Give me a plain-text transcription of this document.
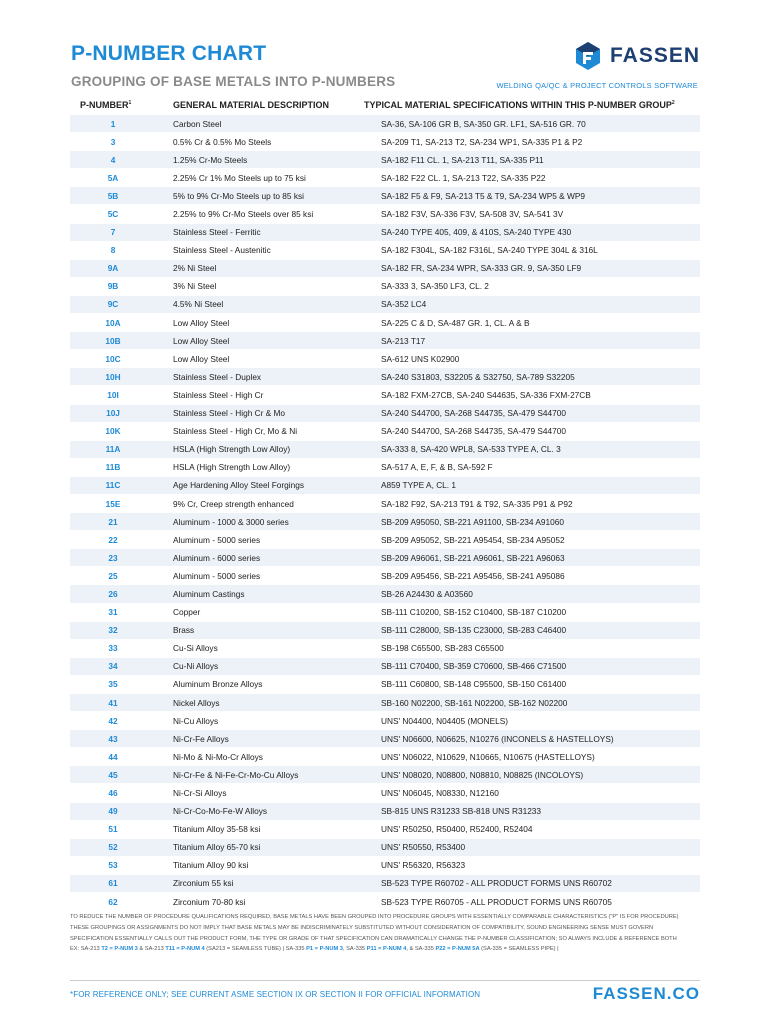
P-NUMBER CHART
GROUPING OF BASE METALS INTO P-NUMBERS
FASSEN
WELDING QA/QC & PROJECT CONTROLS SOFTWARE
P-NUMBER$^1$	GENERAL MATERIAL DESCRIPTION	TYPICAL MATERIAL SPECIFICATIONS WITHIN THIS P-NUMBER GROUP$^2$
1	Carbon Steel	SA-36, SA-106 GR B, SA-350 GR. LF1, SA-516 GR. 70
3	0.5% Cr & 0.5% Mo Steels	SA-209 T1, SA-213 T2, SA-234 WP1, SA-335 P1 & P2
4	1.25% Cr-Mo Steels	SA-182 F11 CL. 1, SA-213 T11, SA-335 P11
5A	2.25% Cr 1% Mo Steels up to 75 ksi	SA-182 F22 CL. 1, SA-213 T22, SA-335 P22
5B	5% to 9% Cr-Mo Steels up to 85 ksi	SA-182 F5 & F9, SA-213 T5 & T9, SA-234 WP5 & WP9
5C	2.25% to 9% Cr-Mo Steels over 85 ksi	SA-182 F3V, SA-336 F3V, SA-508 3V, SA-541 3V
7	Stainless Steel - Ferritic	SA-240 TYPE 405, 409, & 410S, SA-240 TYPE 430
8	Stainless Steel - Austenitic	SA-182 F304L, SA-182 F316L, SA-240 TYPE 304L & 316L
9A	2% Ni Steel	SA-182 FR, SA-234 WPR, SA-333 GR. 9, SA-350 LF9
9B	3% Ni Steel	SA-333 3, SA-350 LF3, CL. 2
9C	4.5% Ni Steel	SA-352 LC4
10A	Low Alloy Steel	SA-225 C & D, SA-487 GR. 1, CL. A & B
10B	Low Alloy Steel	SA-213 T17
10C	Low Alloy Steel	SA-612 UNS K02900
10H	Stainless Steel - Duplex	SA-240 S31803, S32205 & S32750, SA-789 S32205
10I	Stainless Steel - High Cr	SA-182 FXM-27CB, SA-240 S44635, SA-336 FXM-27CB
10J	Stainless Steel - High Cr & Mo	SA-240 S44700, SA-268 S44735, SA-479 S44700
10K	Stainless Steel - High Cr, Mo & Ni	SA-240 S44700, SA-268 S44735, SA-479 S44700
11A	HSLA (High Strength Low Alloy)	SA-333 8, SA-420 WPL8, SA-533 TYPE A, CL. 3
11B	HSLA (High Strength Low Alloy)	SA-517 A, E, F, & B, SA-592 F
11C	Age Hardening Alloy Steel Forgings	A859 TYPE A, CL. 1
15E	9% Cr, Creep strength enhanced	SA-182 F92, SA-213 T91 & T92, SA-335 P91 & P92
21	Aluminum - 1000 & 3000 series	SB-209 A95050, SB-221 A91100, SB-234 A91060
22	Aluminum - 5000 series	SB-209 A95052, SB-221 A95454, SB-234 A95052
23	Aluminum - 6000 series	SB-209 A96061, SB-221 A96061, SB-221 A96063
25	Aluminum - 5000 series	SB-209 A95456, SB-221 A95456, SB-241 A95086
26	Aluminum Castings	SB-26 A24430 & A03560
31	Copper	SB-111 C10200, SB-152 C10400, SB-187 C10200
32	Brass	SB-111 C28000, SB-135 C23000, SB-283 C46400
33	Cu-Si Alloys	SB-198 C65500, SB-283 C65500
34	Cu-Ni Alloys	SB-111 C70400, SB-359 C70600, SB-466 C71500
35	Aluminum Bronze Alloys	SB-111 C60800, SB-148 C95500, SB-150 C61400
41	Nickel Alloys	SB-160 N02200, SB-161 N02200, SB-162 N02200
42	Ni-Cu Alloys	UNS' N04400, N04405 (MONELS)
43	Ni-Cr-Fe Alloys	UNS' N06600, N06625, N10276 (INCONELS & HASTELLOYS)
44	Ni-Mo & Ni-Mo-Cr Alloys	UNS' N06022, N10629, N10665, N10675 (HASTELLOYS)
45	Ni-Cr-Fe & Ni-Fe-Cr-Mo-Cu Alloys	UNS' N08020, N08800, N08810, N08825 (INCOLOYS)
46	Ni-Cr-Si Alloys	UNS' N06045, N08330, N12160
49	Ni-Cr-Co-Mo-Fe-W Alloys	SB-815 UNS R31233 SB-818 UNS R31233
51	Titanium Alloy 35-58 ksi	UNS' R50250, R50400, R52400, R52404
52	Titanium Alloy 65-70 ksi	UNS' R50550, R53400
53	Titanium Alloy 90 ksi	UNS' R56320, R56323
61	Zirconium 55 ksi	SB-523 TYPE R60702 - ALL PRODUCT FORMS UNS R60702
62	Zirconium 70-80 ksi	SB-523 TYPE R60705 - ALL PRODUCT FORMS UNS R60705
TO REDUCE THE NUMBER OF PROCEDURE QUALIFICATIONS REQUIRED, BASE METALS HAVE BEEN GROUPED INTO PROCEDURE GROUPS WITH ESSENTIALLY COMPARABLE CHARACTERISTICS ("P" IS FOR PROCEDURE)
THESE GROUPINGS OR ASSIGNMENTS DO NOT IMPLY THAT BASE METALS MAY BE INDISCRIMINATELY SUBSTITUTED WITHOUT CONSIDERATION OF COMPATIBILITY, SOUND ENGINEERING SENSE MUST GOVERN
SPECIFICATION ESSENTIALLY CALLS OUT THE PRODUCT FORM, THE TYPE OR GRADE OF THAT SPECIFICATION CAN DRAMATICALLY CHANGE THE P-NUMBER CLASSIFICATION; SO ALWAYS INCLUDE & REFERENCE BOTH
EX: SA-213 T2 = P-NUM 3 & SA-213 T11 = P-NUM 4 (SA213 = SEAMLESS TUBE) | SA-335 P1 = P-NUM 3, SA-335 P11 = P-NUM 4, & SA-335 P22 = P-NUM 5A (SA-335 = SEAMLESS PIPE) |
*FOR REFERENCE ONLY; SEE CURRENT ASME SECTION IX OR SECTION II FOR OFFICIAL INFORMATION	FASSEN.CO
